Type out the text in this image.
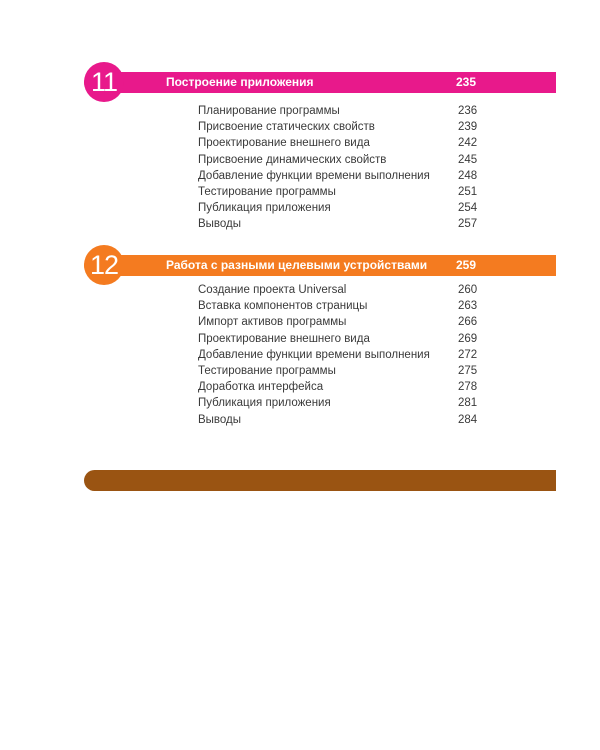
11	Построение приложения	235
Планирование программы	236
Присвоение статических свойств	239
Проектирование внешнего вида	242
Присвоение динамических свойств	245
Добавление функции времени выполнения 248
Тестирование программы	251
Публикация приложения	254
Выводы	257
12	Работа с разными целевыми устройствами 259
Создание проекта Universal	260
Вставка компонентов страницы	263
Импорт активов программы	266
Проектирование внешнего вида	269
Добавление функции времени выполнения 272
Тестирование программы	275
Доработка интерфейса	278
Публикация приложения	281
Выводы	284
